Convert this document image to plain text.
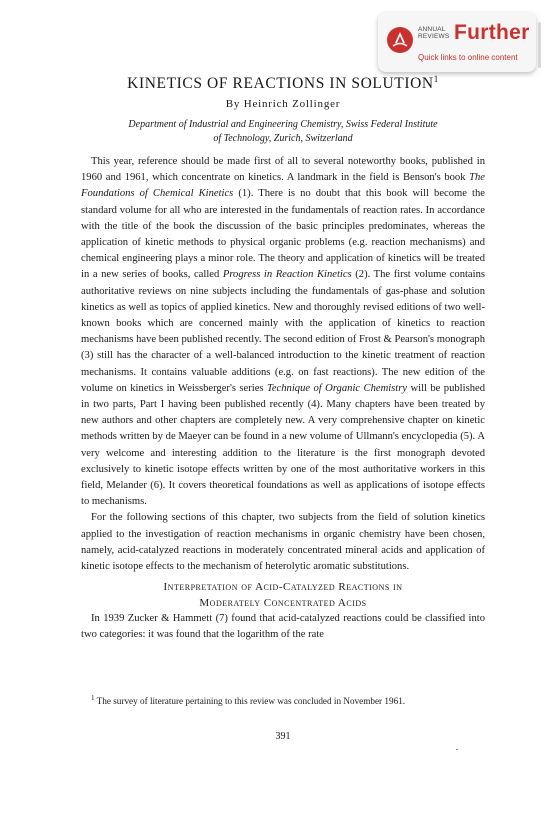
ANNUAL
REVIEWS Further
Quick links to online content
KINETICS OF REACTIONS IN SOLUTION$^1$
By Heinrich Zollinger
Department of Industrial and Engineering Chemistry, Swiss Federal Institute
of Technology, Zurich, Switzerland

This year, reference should be made first of all to several noteworthy books, published in 1960 and 1961, which concentrate on kinetics. A landmark in the field is Benson's book The Foundations of Chemical Kinetics (1). There is no doubt that this book will become the standard volume for all who are interested in the fundamentals of reaction rates. In accordance with the title of the book the discussion of the basic principles predominates, whereas the application of kinetic methods to physical organic problems (e.g. reaction mechanisms) and chemical engineering plays a minor role. The theory and application of kinetics will be treated in a new series of books, called Progress in Reaction Kinetics (2). The first volume contains authoritative reviews on nine subjects including the fundamentals of gas-phase and solution kinetics as well as topics of applied kinetics. New and thoroughly revised editions of two well-known books which are concerned mainly with the application of kinetics to reaction mechanisms have been published recently. The second edition of Frost & Pearson's monograph (3) still has the character of a well-balanced introduction to the kinetic treatment of reaction mechanisms. It contains valuable additions (e.g. on fast reactions). The new edition of the volume on kinetics in Weissberger's series Technique of Organic Chemistry will be published in two parts, Part I having been published recently (4). Many chapters have been treated by new authors and other chapters are completely new. A very comprehensive chapter on kinetic methods written by de Maeyer can be found in a new volume of Ullmann's encyclopedia (5). A very welcome and interesting addition to the literature is the first monograph devoted exclusively to kinetic isotope effects written by one of the most authoritative workers in this field, Melander (6). It covers theoretical foundations as well as applications of isotope effects to mechanisms.

For the following sections of this chapter, two subjects from the field of solution kinetics applied to the investigation of reaction mechanisms in organic chemistry have been chosen, namely, acid-catalyzed reactions in moderately concentrated mineral acids and application of kinetic isotope effects to the mechanism of heterolytic aromatic substitutions.

Interpretation of Acid-Catalyzed Reactions in
Moderately Concentrated Acids

In 1939 Zucker & Hammett (7) found that acid-catalyzed reactions could be classified into two categories: it was found that the logarithm of the rate

$^1$ The survey of literature pertaining to this review was concluded in November 1961.
391
